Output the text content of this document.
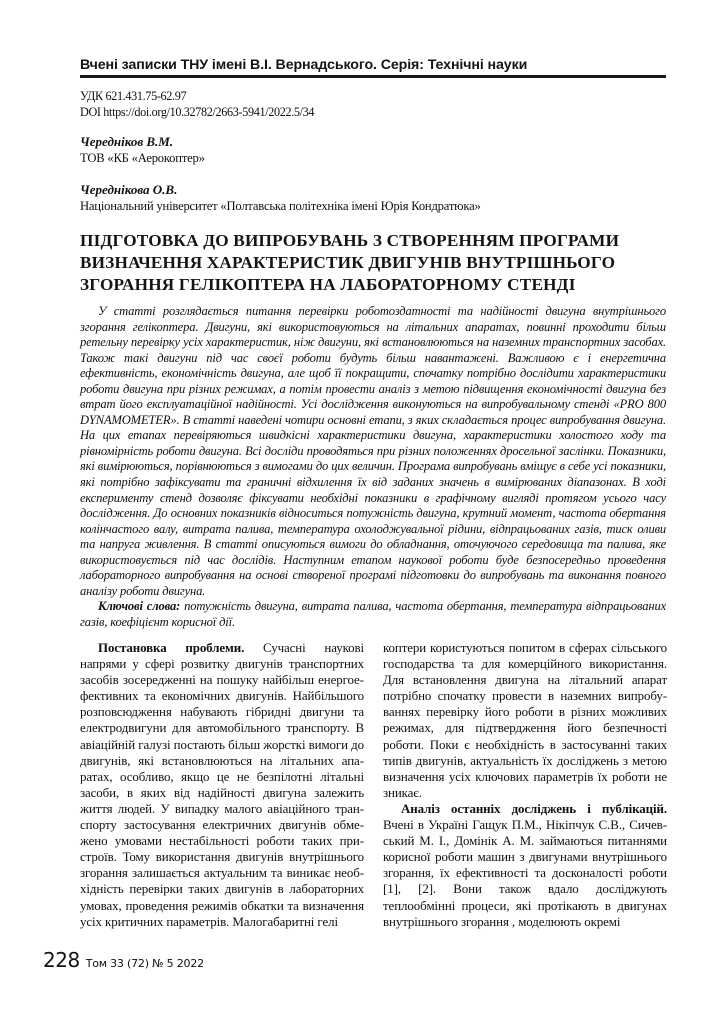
Вчені записки ТНУ імені В.І. Вернадського. Серія: Технічні науки
УДК 621.431.75-62.97
DOI https://doi.org/10.32782/2663-5941/2022.5/34
Чередніков В.М.
ТОВ «КБ «Аерокоптер»
Череднікова О.В.
Національний університет «Полтавська політехніка імені Юрія Кондратюка»
ПІДГОТОВКА ДО ВИПРОБУВАНЬ З СТВОРЕННЯМ ПРОГРАМИ
ВИЗНАЧЕННЯ ХАРАКТЕРИСТИК ДВИГУНІВ ВНУТРІШНЬОГО
ЗГОРАННЯ ГЕЛІКОПТЕРА НА ЛАБОРАТОРНОМУ СТЕНДІ

У статті розглядається питання перевірки роботоздатності та надійності двигуна внутрішнього згорання гелікоптера. Двигуни, які використовуються на літальних апаратах, повинні проходити більш ретельну перевірку усіх характеристик, ніж двигуни, які встановлюються на наземних транспортних засобах. Також такі двигуни під час своєї роботи будуть більш навантажені. Важливою є і енергетична ефективність, економічність двигуна, але щоб її покращити, спочатку потрібно дослідити характеристики роботи двигуна при різних режимах, а потім провести аналіз з метою підвищення економічності двигуна без втрат його експлуатаційної надійності. Усі дослідження виконуються на випробувальному стенді «PRO 800 DYNAMOMETER». В статті наведені чотири основні етапи, з яких складається процес випробування двигуна. На цих етапах перевіряються швидкісні характеристики двигуна, характеристики холостого ходу та рівномірність роботи двигуна. Всі досліди проводяться при різних положеннях дросельної заслінки. Показники, які вимірюються, порівнюються з вимогами до цих величин. Програма випробувань вміщує в себе усі показники, які потрібно зафіксувати та граничні відхилення їх від заданих значень в вимірюваних діапазонах. В ході експерименту стенд дозволяє фіксувати необхідні показники в графічному вигляді протягом усього часу дослідження. До основних показників відноситься потужність двигуна, крутний момент, частота обертання колінчастого валу, витрата палива, температура охолоджувальної рідини, відпрацьованих газів, тиск оливи та напруга живлення. В статті описуються вимоги до обладнання, оточуючого середовища та палива, яке використовується під час дослідів. Наступним етапом наукової роботи буде безпосередньо проведення лабораторного випробування на основі створеної програмі підготовки до випробувань та виконання повного аналізу роботи двигуна.

Ключові слова: потужність двигуна, витрата палива, частота обертання, температура відпрацьованих газів, коефіцієнт корисної дії.

Постановка проблеми. Сучасні наукові напрями у сфері розвитку двигунів транспортних засобів зосередженні на пошуку найбільш енергоефективних та економічних двигунів. Найбільшого розповсюдження набувають гібридні двигуни та електродвигуни для автомобільного транспорту. В авіаційній галузі постають більш жорсткі вимоги до двигунів, які встановлюються на літальних апаратах, особливо, якщо це не безпілотні літальні засоби, в яких від надійності двигуна залежить життя людей. У випадку малого авіаційного транспорту застосування електричних двигунів обмежено умовами нестабільності роботи таких пристроїв. Тому використання двигунів внутрішнього згорання залишається актуальним та виникає необхідність перевірки таких двигунів в лабораторних умовах, проведення режимів обкатки та визначення усіх критичних параметрів. Малогабаритні гелі

коптери користуються попитом в сферах сільського господарства та для комерційного використання. Для встановлення двигуна на літальний апарат потрібно спочатку провести в наземних випробуваннях перевірку його роботи в різних можливих режимах, для підтвердження його безпечності роботи. Поки є необхідність в застосуванні таких типів двигунів, актуальність їх досліджень з метою визначення усіх ключових параметрів їх роботи не зникає.

Аналіз останніх досліджень і публікацій. Вчені в Україні Гащук П.М., Нікіпчук С.В., Сичевський М. І., Домінік А. М. займаються питаннями корисної роботи машин з двигунами внутрішнього згорання, їх ефективності та досконалості роботи [1], [2]. Вони також вдало досліджують теплообмінні процеси, які протікають в двигунах внутрішнього згорання , моделюють окремі

228 Том 33 (72) № 5 2022
